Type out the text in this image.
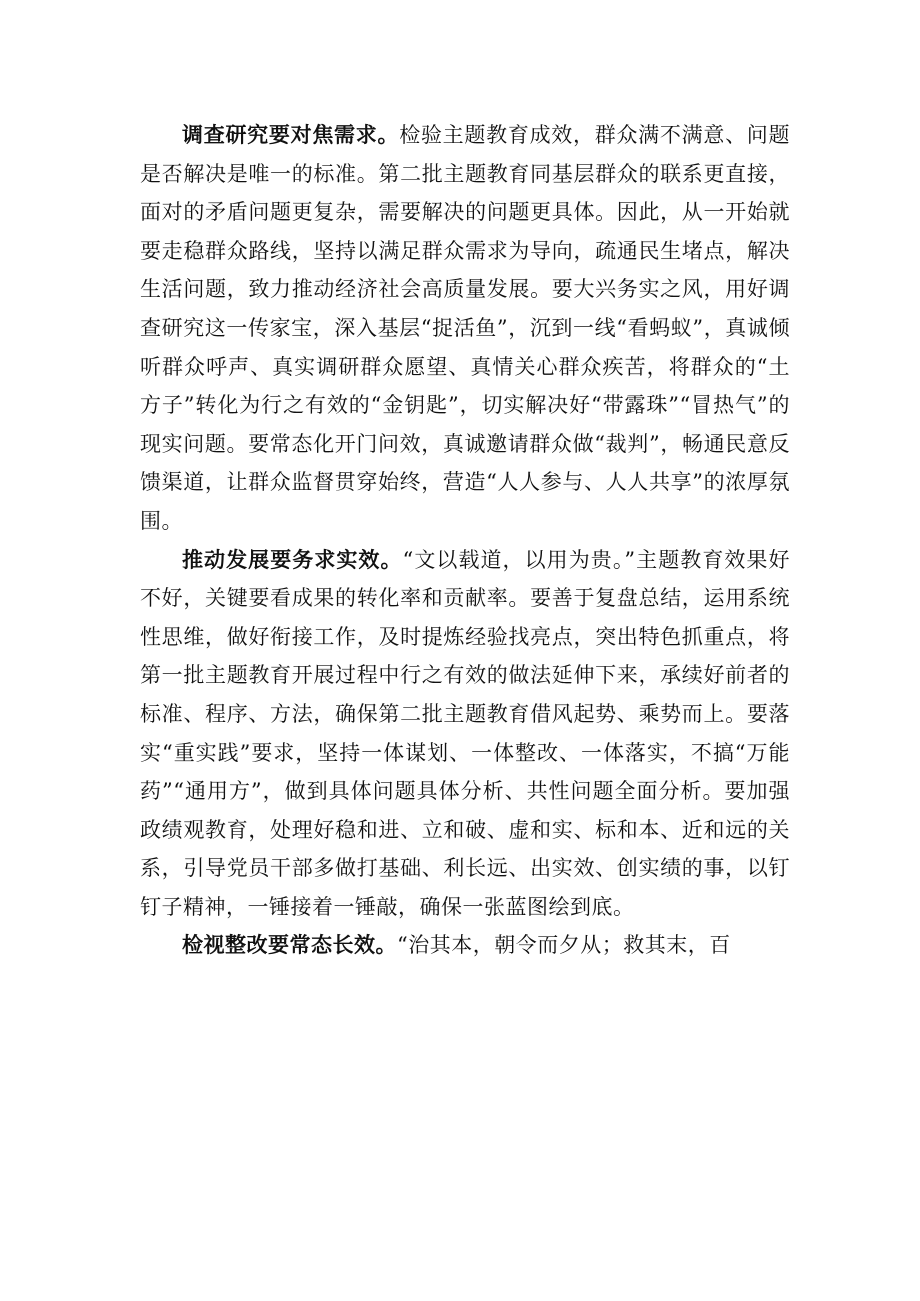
调查研究要对焦需求。检验主题教育成效，群众满不满意、问题是否解决是唯一的标准。第二批主题教育同基层群众的联系更直接，面对的矛盾问题更复杂，需要解决的问题更具体。因此，从一开始就要走稳群众路线，坚持以满足群众需求为导向，疏通民生堵点，解决生活问题，致力推动经济社会高质量发展。要大兴务实之风，用好调查研究这一传家宝，深入基层“捉活鱼”，沉到一线“看蚂蚁”，真诚倾听群众呼声、真实调研群众愿望、真情关心群众疾苦，将群众的“土方子”转化为行之有效的“金钥匙”，切实解决好“带露珠”“冒热气”的现实问题。要常态化开门问效，真诚邀请群众做“裁判”，畅通民意反馈渠道，让群众监督贯穿始终，营造“人人参与、人人共享”的浓厚氛围。

推动发展要务求实效。“文以载道，以用为贵。”主题教育效果好不好，关键要看成果的转化率和贡献率。要善于复盘总结，运用系统性思维，做好衔接工作，及时提炼经验找亮点，突出特色抓重点，将第一批主题教育开展过程中行之有效的做法延伸下来，承续好前者的标准、程序、方法，确保第二批主题教育借风起势、乘势而上。要落实“重实践”要求，坚持一体谋划、一体整改、一体落实，不搞“万能药”“通用方”，做到具体问题具体分析、共性问题全面分析。要加强政绩观教育，处理好稳和进、立和破、虚和实、标和本、近和远的关系，引导党员干部多做打基础、利长远、出实效、创实绩的事，以钉钉子精神，一锤接着一锤敲，确保一张蓝图绘到底。

检视整改要常态长效。“治其本，朝令而夕从；救其末，百
